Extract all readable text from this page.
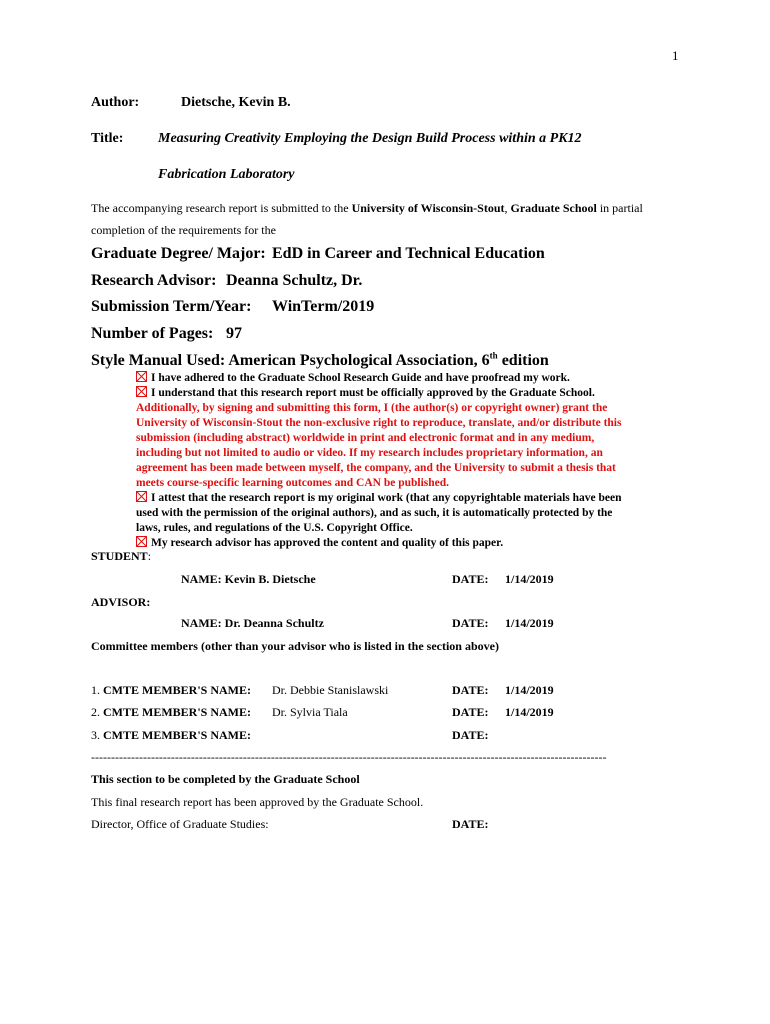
1
Author:	Dietsche, Kevin B.
Title: Measuring Creativity Employing the Design Build Process within a PK12
Fabrication Laboratory
The accompanying research report is submitted to the University of Wisconsin-Stout, Graduate School in partial
completion of the requirements for the
Graduate Degree/ Major: EdD in Career and Technical Education
Research Advisor: Deanna Schultz, Dr.
Submission Term/Year: WinTerm/2019
Number of Pages: 97
Style Manual Used: American Psychological Association, 6th edition
I have adhered to the Graduate School Research Guide and have proofread my work.
I understand that this research report must be officially approved by the Graduate School.
Additionally, by signing and submitting this form, I (the author(s) or copyright owner) grant the
University of Wisconsin-Stout the non-exclusive right to reproduce, translate, and/or distribute this
submission (including abstract) worldwide in print and electronic format and in any medium,
including but not limited to audio or video. If my research includes proprietary information, an
agreement has been made between myself, the company, and the University to submit a thesis that
meets course-specific learning outcomes and CAN be published.
I attest that the research report is my original work (that any copyrightable materials have been
used with the permission of the original authors), and as such, it is automatically protected by the
laws, rules, and regulations of the U.S. Copyright Office.
My research advisor has approved the content and quality of this paper.
STUDENT:
NAME: Kevin B. Dietsche	DATE: 1/14/2019
ADVISOR:
NAME: Dr. Deanna Schultz	DATE: 1/14/2019
Committee members (other than your advisor who is listed in the section above)
1. CMTE MEMBER'S NAME: Dr. Debbie Stanislawski	DATE: 1/14/2019
2. CMTE MEMBER'S NAME: Dr. Sylvia Tiala	DATE: 1/14/2019
3. CMTE MEMBER'S NAME:	DATE:
---------------------------------------------------------------------------------------------------------------------------------
This section to be completed by the Graduate School
This final research report has been approved by the Graduate School.
Director, Office of Graduate Studies:	DATE:
